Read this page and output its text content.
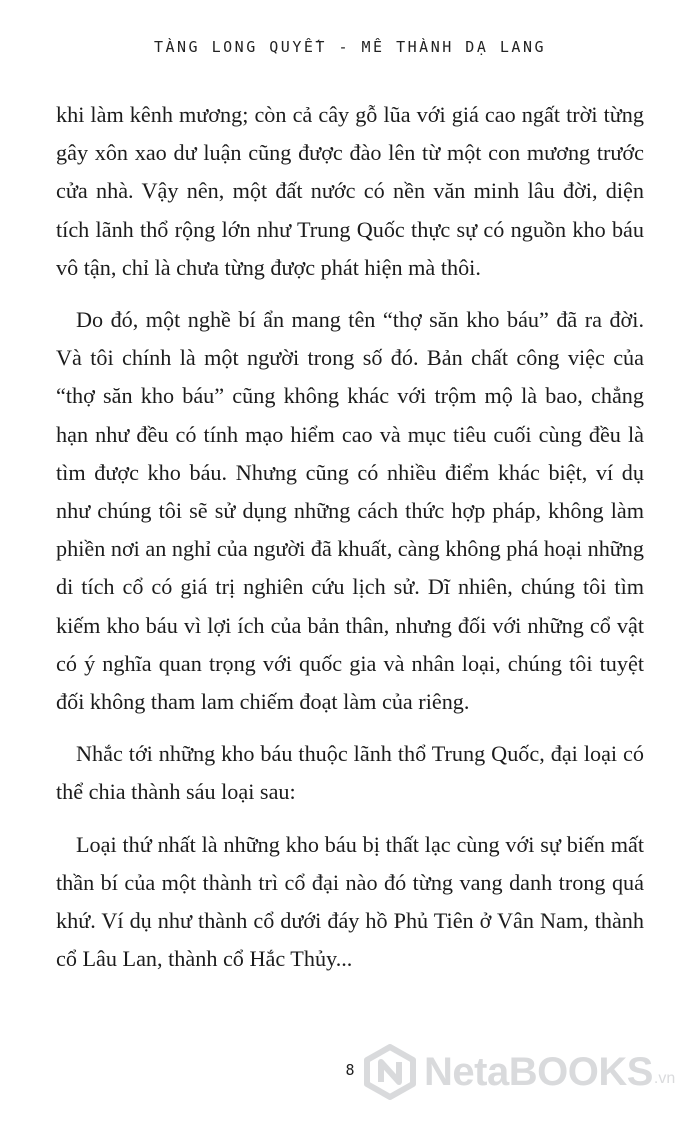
TÀNG LONG QUYẾT - MÊ THÀNH DẠ LANG

khi làm kênh mương; còn cả cây gỗ lũa với giá cao ngất trời từng gây xôn xao dư luận cũng được đào lên từ một con mương trước cửa nhà. Vậy nên, một đất nước có nền văn minh lâu đời, diện tích lãnh thổ rộng lớn như Trung Quốc thực sự có nguồn kho báu vô tận, chỉ là chưa từng được phát hiện mà thôi.

Do đó, một nghề bí ẩn mang tên “thợ săn kho báu” đã ra đời. Và tôi chính là một người trong số đó. Bản chất công việc của “thợ săn kho báu” cũng không khác với trộm mộ là bao, chẳng hạn như đều có tính mạo hiểm cao và mục tiêu cuối cùng đều là tìm được kho báu. Nhưng cũng có nhiều điểm khác biệt, ví dụ như chúng tôi sẽ sử dụng những cách thức hợp pháp, không làm phiền nơi an nghỉ của người đã khuất, càng không phá hoại những di tích cổ có giá trị nghiên cứu lịch sử. Dĩ nhiên, chúng tôi tìm kiếm kho báu vì lợi ích của bản thân, nhưng đối với những cổ vật có ý nghĩa quan trọng với quốc gia và nhân loại, chúng tôi tuyệt đối không tham lam chiếm đoạt làm của riêng.

Nhắc tới những kho báu thuộc lãnh thổ Trung Quốc, đại loại có thể chia thành sáu loại sau:

Loại thứ nhất là những kho báu bị thất lạc cùng với sự biến mất thần bí của một thành trì cổ đại nào đó từng vang danh trong quá khứ. Ví dụ như thành cổ dưới đáy hồ Phủ Tiên ở Vân Nam, thành cổ Lâu Lan, thành cổ Hắc Thủy...

8	NetaBOOKS .vn
